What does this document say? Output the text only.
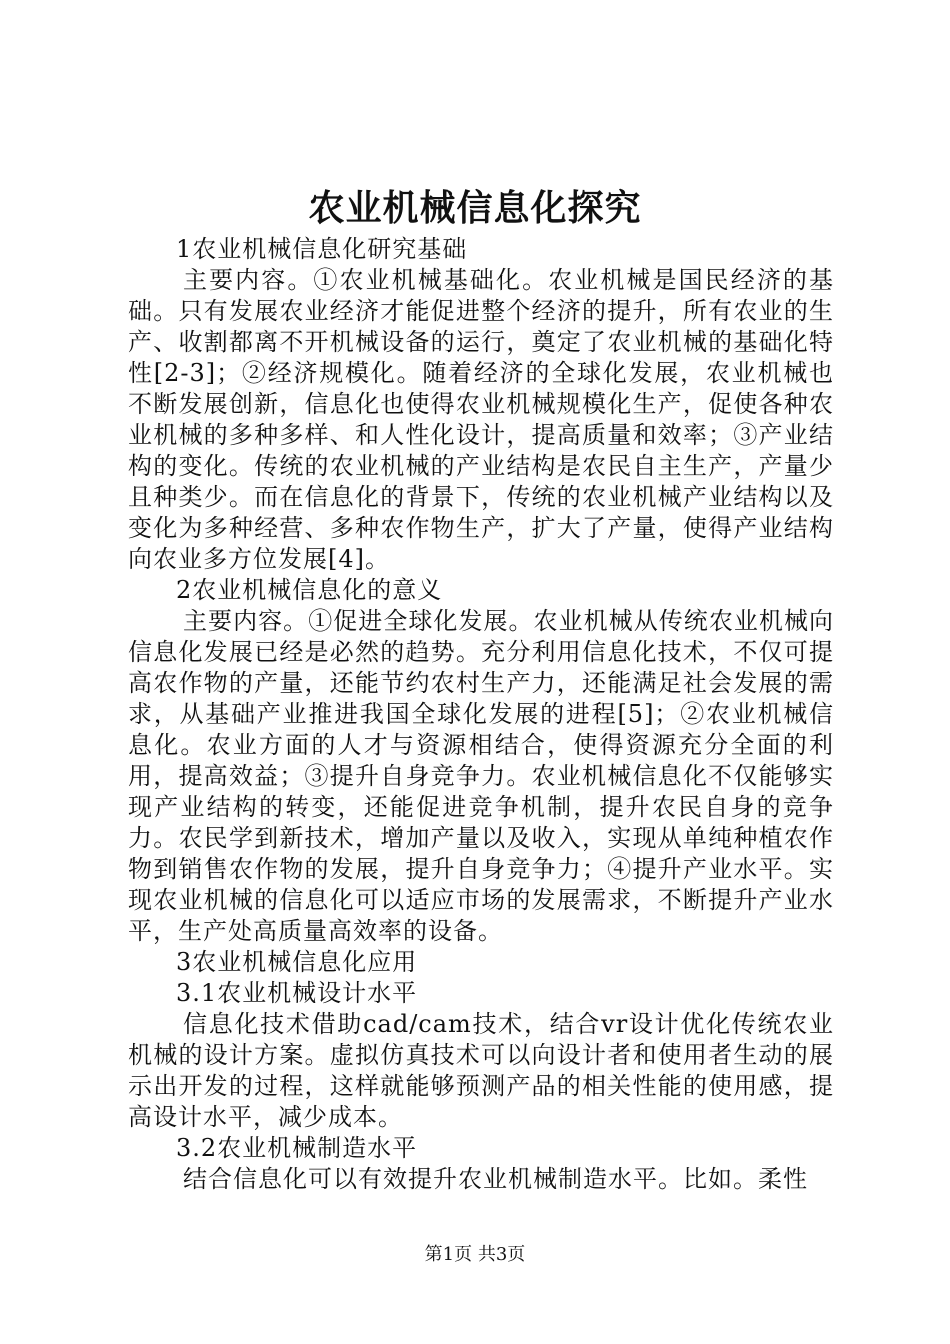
农业机械信息化探究

1农业机械信息化研究基础

主要内容。①农业机械基础化。农业机械是国民经济的基础。只有发展农业经济才能促进整个经济的提升，所有农业的生产、收割都离不开机械设备的运行，奠定了农业机械的基础化特性[2-3]；②经济规模化。随着经济的全球化发展，农业机械也不断发展创新，信息化也使得农业机械规模化生产，促使各种农业机械的多种多样、和人性化设计，提高质量和效率；③产业结构的变化。传统的农业机械的产业结构是农民自主生产，产量少且种类少。而在信息化的背景下，传统的农业机械产业结构以及变化为多种经营、多种农作物生产，扩大了产量，使得产业结构向农业多方位发展[4]。

2农业机械信息化的意义

主要内容。①促进全球化发展。农业机械从传统农业机械向信息化发展已经是必然的趋势。充分利用信息化技术，不仅可提高农作物的产量，还能节约农村生产力，还能满足社会发展的需求，从基础产业推进我国全球化发展的进程[5]；②农业机械信息化。农业方面的人才与资源相结合，使得资源充分全面的利用，提高效益；③提升自身竞争力。农业机械信息化不仅能够实现产业结构的转变，还能促进竞争机制，提升农民自身的竞争力。农民学到新技术，增加产量以及收入，实现从单纯种植农作物到销售农作物的发展，提升自身竞争力；④提升产业水平。实现农业机械的信息化可以适应市场的发展需求，不断提升产业水平，生产处高质量高效率的设备。

3农业机械信息化应用

3.1农业机械设计水平

信息化技术借助cad/cam技术，结合vr设计优化传统农业机械的设计方案。虚拟仿真技术可以向设计者和使用者生动的展示出开发的过程，这样就能够预测产品的相关性能的使用感，提高设计水平，减少成本。

3.2农业机械制造水平

结合信息化可以有效提升农业机械制造水平。比如。柔性

第1页 共3页
